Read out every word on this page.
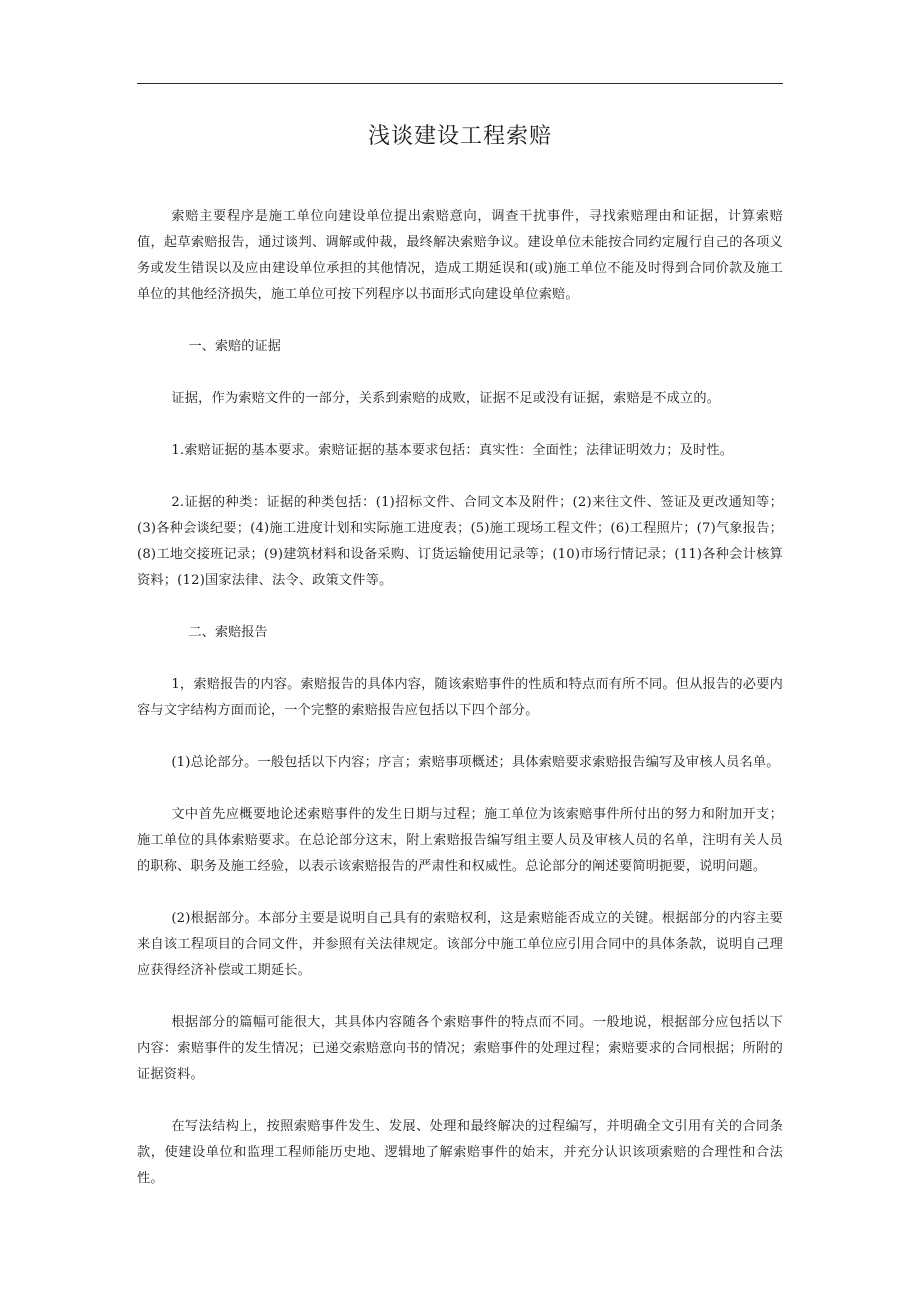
浅谈建设工程索赔

索赔主要程序是施工单位向建设单位提出索赔意向，调查干扰事件，寻找索赔理由和证据，计算索赔值，起草索赔报告，通过谈判、调解或仲裁，最终解决索赔争议。建设单位未能按合同约定履行自己的各项义务或发生错误以及应由建设单位承担的其他情况，造成工期延误和(或)施工单位不能及时得到合同价款及施工单位的其他经济损失，施工单位可按下列程序以书面形式向建设单位索赔。

一、索赔的证据

证据，作为索赔文件的一部分，关系到索赔的成败，证据不足或没有证据，索赔是不成立的。

1.索赔证据的基本要求。索赔证据的基本要求包括：真实性：全面性；法律证明效力；及时性。

2.证据的种类：证据的种类包括：(1)招标文件、合同文本及附件；(2)来往文件、签证及更改通知等；(3)各种会谈纪要；(4)施工进度计划和实际施工进度表；(5)施工现场工程文件；(6)工程照片；(7)气象报告；(8)工地交接班记录；(9)建筑材料和设备采购、订货运输使用记录等；(10)市场行情记录；(11)各种会计核算资料；(12)国家法律、法令、政策文件等。

二、索赔报告

1，索赔报告的内容。索赔报告的具体内容，随该索赔事件的性质和特点而有所不同。但从报告的必要内容与文字结构方面而论，一个完整的索赔报告应包括以下四个部分。

(1)总论部分。一般包括以下内容；序言；索赔事项概述；具体索赔要求索赔报告编写及审核人员名单。

文中首先应概要地论述索赔事件的发生日期与过程；施工单位为该索赔事件所付出的努力和附加开支；施工单位的具体索赔要求。在总论部分这末，附上索赔报告编写组主要人员及审核人员的名单，注明有关人员的职称、职务及施工经验，以表示该索赔报告的严肃性和权威性。总论部分的阐述要简明扼要，说明问题。

(2)根据部分。本部分主要是说明自己具有的索赔权利，这是索赔能否成立的关键。根据部分的内容主要来自该工程项目的合同文件，并参照有关法律规定。该部分中施工单位应引用合同中的具体条款，说明自己理应获得经济补偿或工期延长。

根据部分的篇幅可能很大，其具体内容随各个索赔事件的特点而不同。一般地说，根据部分应包括以下内容：索赔事件的发生情况；已递交索赔意向书的情况；索赔事件的处理过程；索赔要求的合同根据；所附的证据资料。

在写法结构上，按照索赔事件发生、发展、处理和最终解决的过程编写，并明确全文引用有关的合同条款，使建设单位和监理工程师能历史地、逻辑地了解索赔事件的始末，并充分认识该项索赔的合理性和合法性。
